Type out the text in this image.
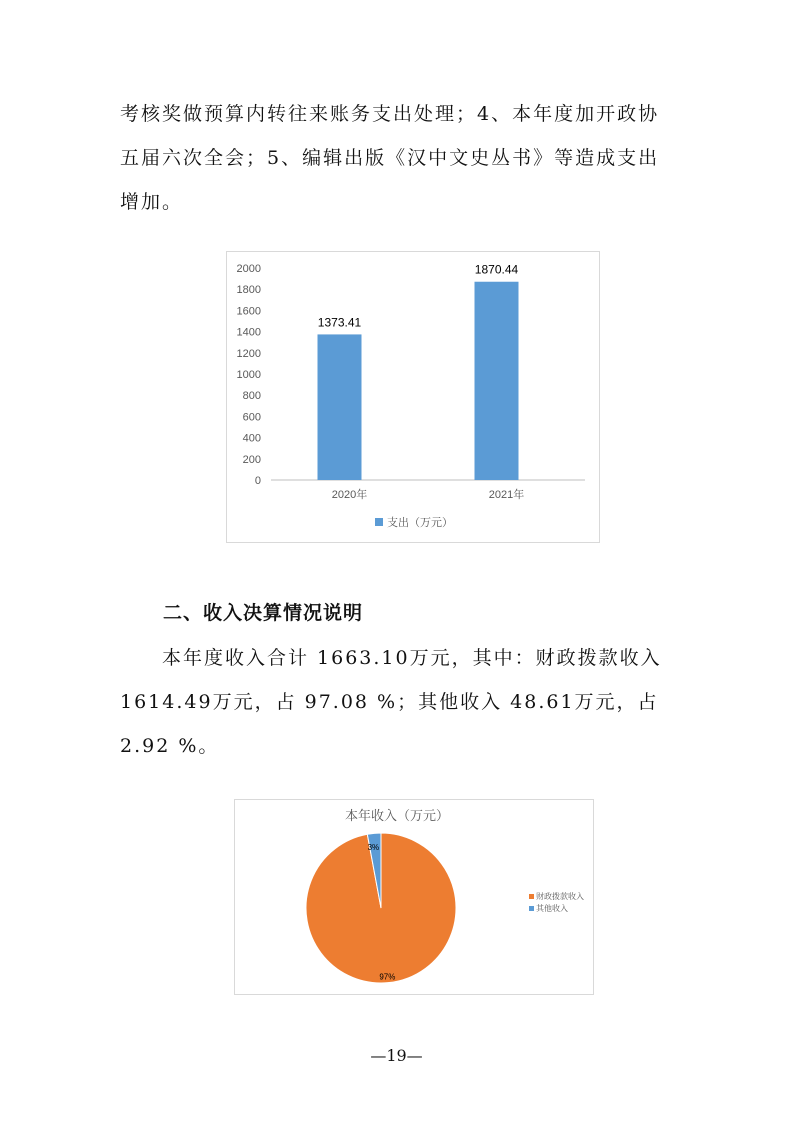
考核奖做预算内转往来账务支出处理；4、本年度加开政协

五届六次全会；5、编辑出版《汉中文史丛书》等造成支出

增加。

0
200
400
600
800
1000
1200
1400
1600
1800
2000
1373.41
2020年
1870.44
2021年
支出（万元）
二、收入决算情况说明

　　本年度收入合计 1663.10万元，其中：财政拨款收入

1614.49万元，占 97.08 %；其他收入 48.61万元，占

2.92 %。

本年收入（万元）
97%
3%
财政拨款收入
其他收入
—19—
